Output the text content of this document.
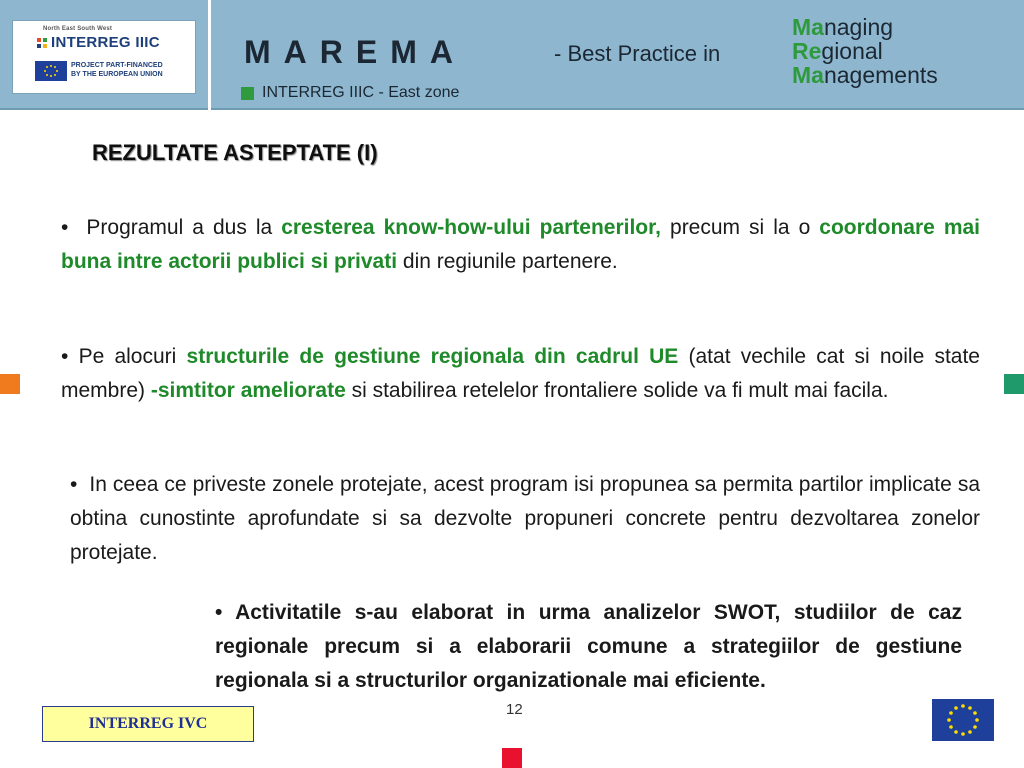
North East South West
INTERREG IIIC
PROJECT PART-FINANCED
BY THE EUROPEAN UNION
MAREMA	- Best Practice in
INTERREG IIIC - East zone
Managing
Regional
Managements
REZULTATE ASTEPTATE (I)

• Programul a dus la cresterea know-how-ului partenerilor, precum si la o coordonare mai buna intre actorii publici si privati din regiunile partenere.

• Pe alocuri structurile de gestiune regionala din cadrul UE (atat vechile cat si noile state membre) -simtitor ameliorate si stabilirea retelelor frontaliere solide va fi mult mai facila.

• In ceea ce priveste zonele protejate, acest program isi propunea sa permita partilor implicate sa obtina cunostinte aprofundate si sa dezvolte propuneri concrete pentru dezvoltarea zonelor protejate.

• Activitatile s-au elaborat in urma analizelor SWOT, studiilor de caz regionale precum si a elaborarii comune a strategiilor de gestiune regionala si a structurilor organizationale mai eficiente.

INTERREG IVC
12
